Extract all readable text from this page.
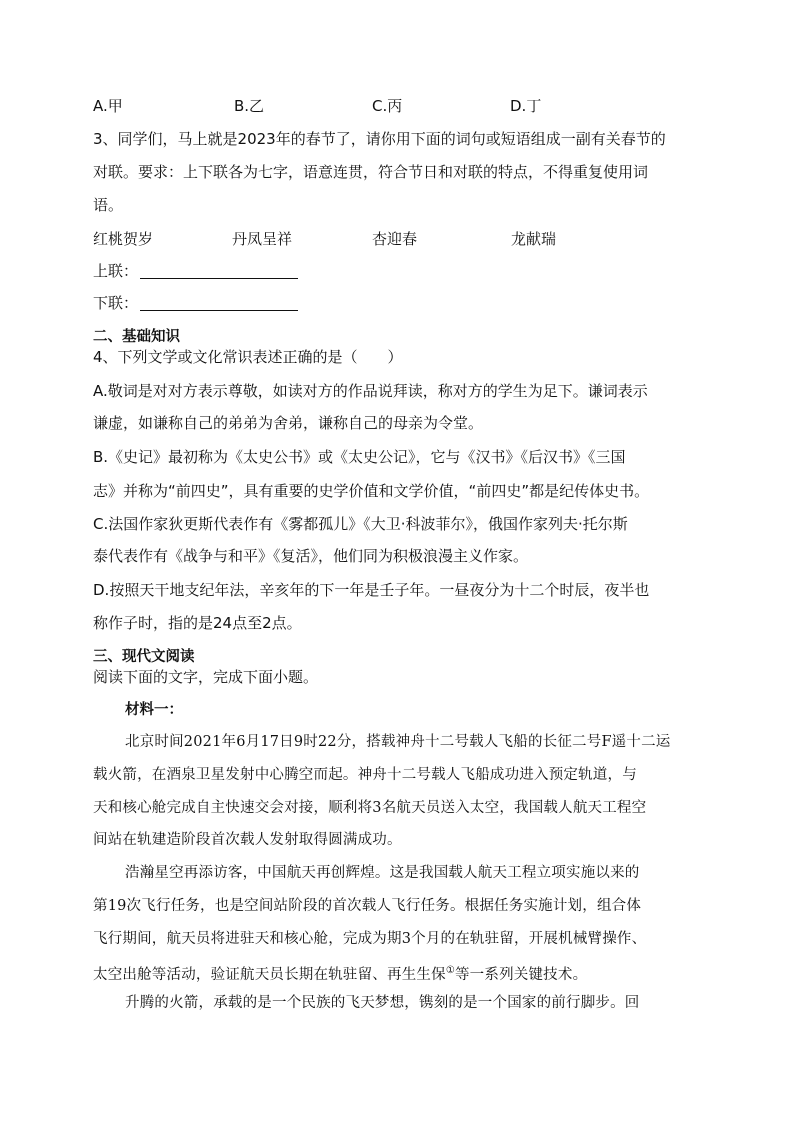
A.甲	B.乙	C.丙	D.丁
3、同学们，马上就是2023年的春节了，请你用下面的词句或短语组成一副有关春节的
对联。要求：上下联各为七字，语意连贯，符合节日和对联的特点，不得重复使用词
语。
红桃贺岁	丹凤呈祥	杏迎春	龙献瑞
上联：
下联：
二、基础知识
4、下列文学或文化常识表述正确的是（　　）
A.敬词是对对方表示尊敬，如读对方的作品说拜读，称对方的学生为足下。谦词表示
谦虚，如谦称自己的弟弟为舍弟，谦称自己的母亲为令堂。
B.《史记》最初称为《太史公书》或《太史公记》，它与《汉书》《后汉书》《三国
志》并称为“前四史”，具有重要的史学价值和文学价值，“前四史”都是纪传体史书。
C.法国作家狄更斯代表作有《雾都孤儿》《大卫·科波菲尔》，俄国作家列夫·托尔斯
泰代表作有《战争与和平》《复活》，他们同为积极浪漫主义作家。
D.按照天干地支纪年法，辛亥年的下一年是壬子年。一昼夜分为十二个时辰，夜半也
称作子时，指的是24点至2点。
三、现代文阅读
阅读下面的文字，完成下面小题。
材料一：
北京时间2021年6月17日9时22分，搭载神舟十二号载人飞船的长征二号F遥十二运
载火箭，在酒泉卫星发射中心腾空而起。神舟十二号载人飞船成功进入预定轨道，与
天和核心舱完成自主快速交会对接，顺利将3名航天员送入太空，我国载人航天工程空
间站在轨建造阶段首次载人发射取得圆满成功。
浩瀚星空再添访客，中国航天再创辉煌。这是我国载人航天工程立项实施以来的
第19次飞行任务，也是空间站阶段的首次载人飞行任务。根据任务实施计划，组合体
飞行期间，航天员将进驻天和核心舱，完成为期3个月的在轨驻留，开展机械臂操作、
太空出舱等活动，验证航天员长期在轨驻留、再生生保①等一系列关键技术。
升腾的火箭，承载的是一个民族的飞天梦想，镌刻的是一个国家的前行脚步。回
